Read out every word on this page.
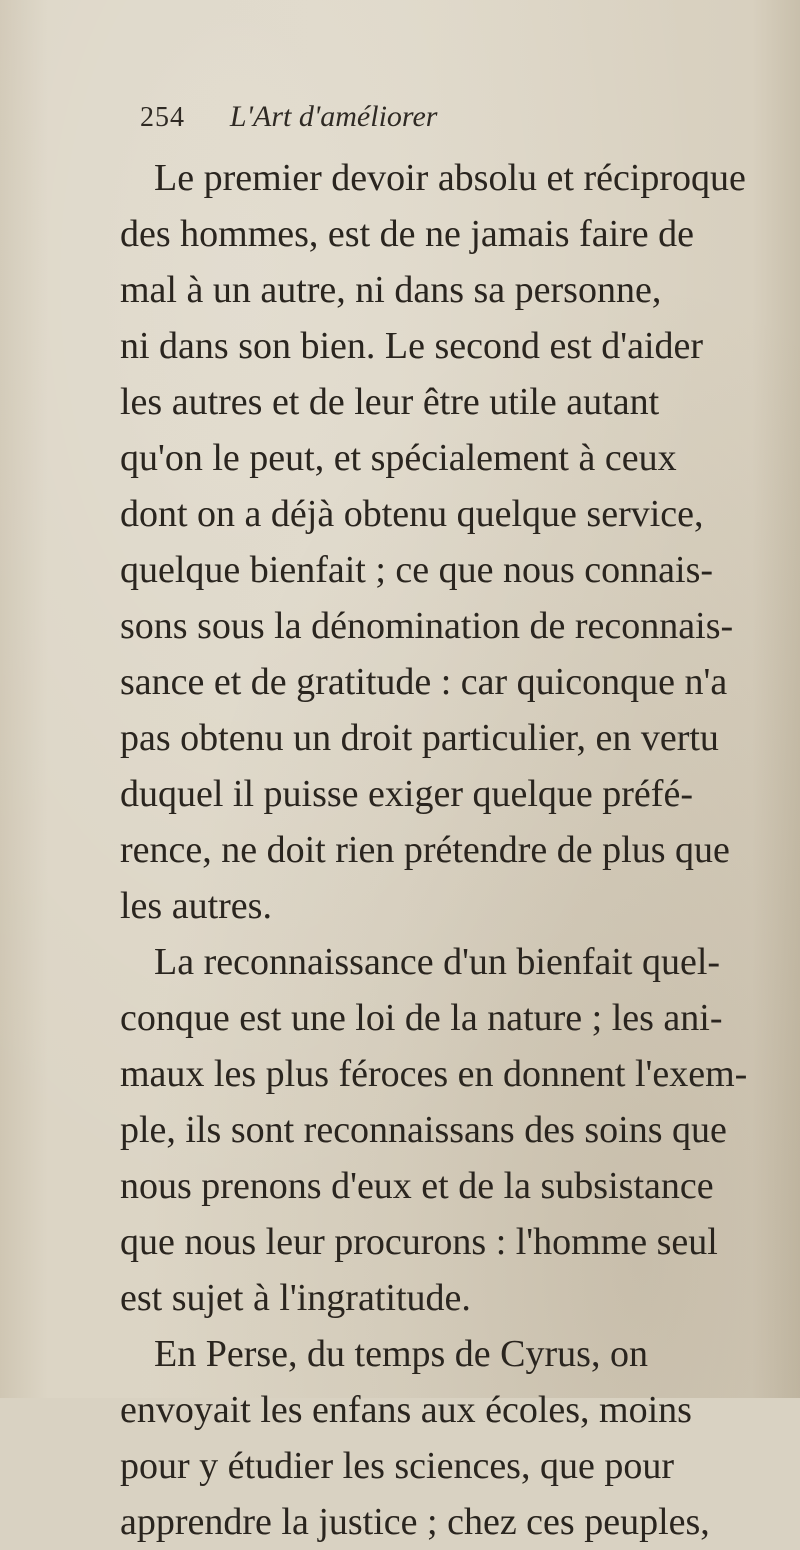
254 L'Art d'améliorer
Le premier devoir absolu et réciproque
des hommes, est de ne jamais faire de
mal à un autre, ni dans sa personne,
ni dans son bien. Le second est d'aider
les autres et de leur être utile autant
qu'on le peut, et spécialement à ceux
dont on a déjà obtenu quelque service,
quelque bienfait ; ce que nous connais-
sons sous la dénomination de reconnais-
sance et de gratitude : car quiconque n'a
pas obtenu un droit particulier, en vertu
duquel il puisse exiger quelque préfé-
rence, ne doit rien prétendre de plus que
les autres.
La reconnaissance d'un bienfait quel-
conque est une loi de la nature ; les ani-
maux les plus féroces en donnent l'exem-
ple, ils sont reconnaissans des soins que
nous prenons d'eux et de la subsistance
que nous leur procurons : l'homme seul
est sujet à l'ingratitude.
En Perse, du temps de Cyrus, on
envoyait les enfans aux écoles, moins
pour y étudier les sciences, que pour
apprendre la justice ; chez ces peuples,
